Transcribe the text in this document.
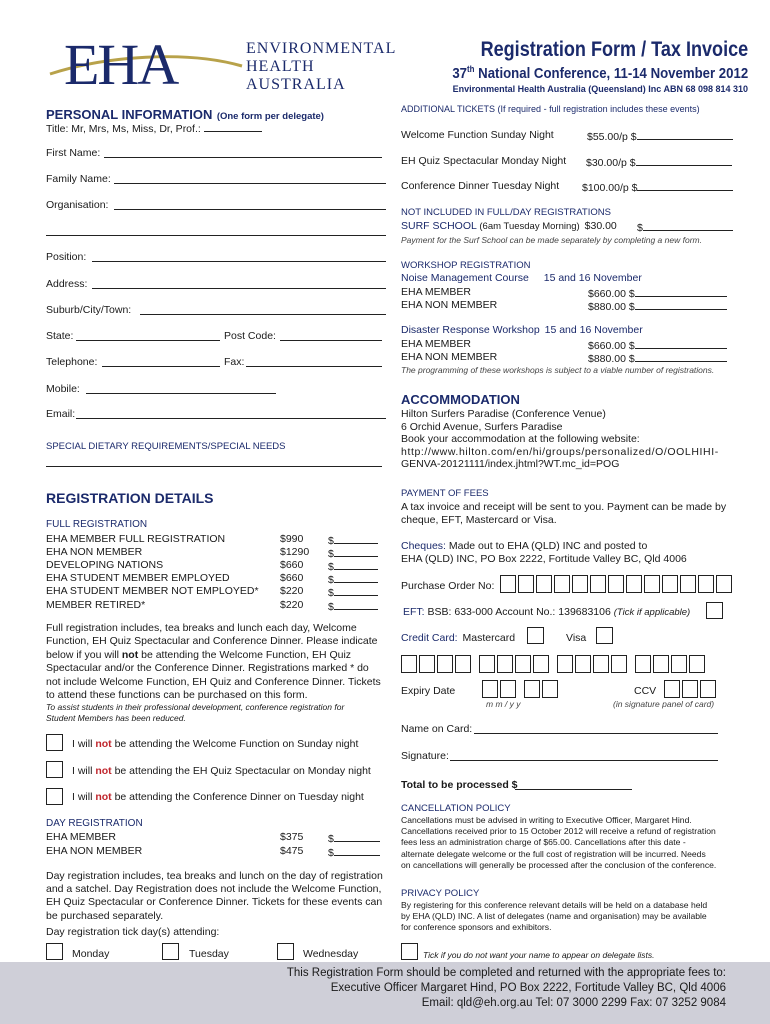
EHA	ENVIRONMENTAL
HEALTH
AUSTRALIA
Registration Form / Tax Invoice
37th National Conference, 11-14 November 2012
Environmental Health Australia (Queensland) Inc ABN 68 098 814 310
PERSONAL INFORMATION (One form per delegate)
Title: Mr, Mrs, Ms, Miss, Dr, Prof.:
First Name:
Family Name:
Organisation:
Position:
Address:
Suburb/City/Town:
State:	Post Code:
Telephone:	Fax:
Mobile:
Email:
SPECIAL DIETARY REQUIREMENTS/SPECIAL NEEDS
REGISTRATION DETAILS
FULL REGISTRATION
EHA MEMBER FULL REGISTRATION	$990 $
EHA NON MEMBER	$1290 $
DEVELOPING NATIONS	$660 $
EHA STUDENT MEMBER EMPLOYED	$660 $
EHA STUDENT MEMBER NOT EMPLOYED* $220 $
MEMBER RETIRED*	$220 $
Full registration includes, tea breaks and lunch each day, Welcome
Function, EH Quiz Spectacular and Conference Dinner. Please indicate
below if you will not be attending the Welcome Function, EH Quiz
Spectacular and/or the Conference Dinner. Registrations marked * do
not include Welcome Function, EH Quiz and Conference Dinner. Tickets
to attend these functions can be purchased on this form.
To assist students in their professional development, conference registration for
Student Members has been reduced.
I will not be attending the Welcome Function on Sunday night
I will not be attending the EH Quiz Spectacular on Monday night
I will not be attending the Conference Dinner on Tuesday night
DAY REGISTRATION
EHA MEMBER	$375 $
EHA NON MEMBER	$475 $
Day registration includes, tea breaks and lunch on the day of registration
and a satchel. Day Registration does not include the Welcome Function,
EH Quiz Spectacular or Conference Dinner. Tickets for these events can
be purchased separately.
Day registration tick day(s) attending:
Monday	Tuesday	Wednesday
ADDITIONAL TICKETS (If required - full registration includes these events)
Welcome Function Sunday Night	$55.00/p $
EH Quiz Spectacular Monday Night $30.00/p $
Conference Dinner Tuesday Night $100.00/p $
NOT INCLUDED IN FULL/DAY REGISTRATIONS
SURF SCHOOL (6am Tuesday Morning) $30.00 $
Payment for the Surf School can be made separately by completing a new form.
WORKSHOP REGISTRATION
Noise Management Course 15 and 16 November
EHA MEMBER	$660.00 $
EHA NON MEMBER	$880.00 $
Disaster Response Workshop 15 and 16 November
EHA MEMBER	$660.00 $
EHA NON MEMBER	$880.00 $
The programming of these workshops is subject to a viable number of registrations.
ACCOMMODATION
Hilton Surfers Paradise (Conference Venue)
6 Orchid Avenue, Surfers Paradise
Book your accommodation at the following website:
http://www.hilton.com/en/hi/groups/personalized/O/OOLHIHI-
GENVA-20121111/index.jhtml?WT.mc_id=POG
PAYMENT OF FEES
A tax invoice and receipt will be sent to you. Payment can be made by
cheque, EFT, Mastercard or Visa.
Cheques: Made out to EHA (QLD) INC and posted to
EHA (QLD) INC, PO Box 2222, Fortitude Valley BC, Qld 4006
Purchase Order No:
EFT: BSB: 633-000 Account No.: 139683106 (Tick if applicable)
Credit Card: Mastercard	Visa
Expiry Date	CCV
m m / y y	(in signature panel of card)
Name on Card:
Signature:
Total to be processed $
CANCELLATION POLICY
Cancellations must be advised in writing to Executive Officer, Margaret Hind.
Cancellations received prior to 15 October 2012 will receive a refund of registration
fees less an administration charge of $65.00. Cancellations after this date -
alternate delegate welcome or the full cost of registration will be incurred. Needs
on cancellations will generally be processed after the conclusion of the conference.
PRIVACY POLICY
By registering for this conference relevant details will be held on a database held
by EHA (QLD) INC. A list of delegates (name and organisation) may be available
for conference sponsors and exhibitors.
Tick if you do not want your name to appear on delegate lists.
This Registration Form should be completed and returned with the appropriate fees to:
Executive Officer Margaret Hind, PO Box 2222, Fortitude Valley BC, Qld 4006
Email: qld@eh.org.au Tel: 07 3000 2299 Fax: 07 3252 9084
